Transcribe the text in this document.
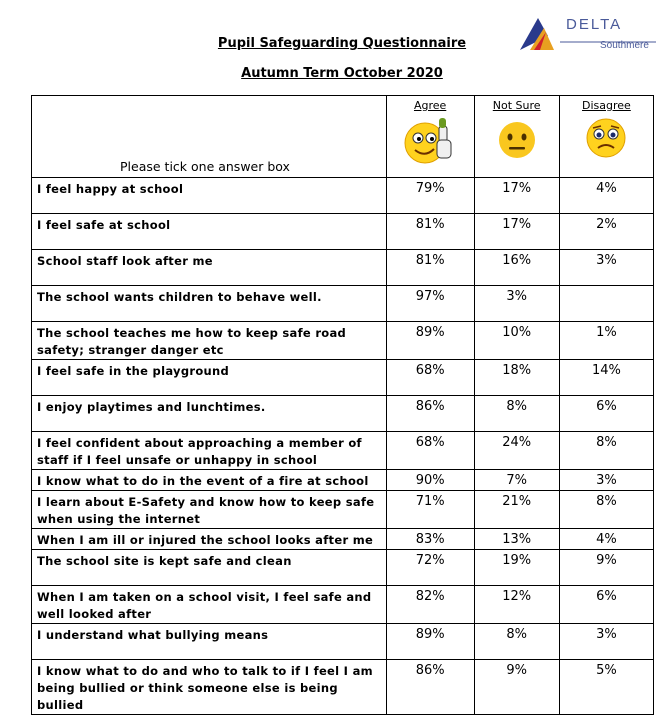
DELTA
Southmere
Pupil Safeguarding Questionnaire
Autumn Term October 2020
Please tick one answer box	Agree	Not Sure	Disagree

I feel happy at school	79%	17%	4%
I feel safe at school	81%	17%	2%
School staff look after me	81%	16%	3%
The school wants children to behave well.	97%	3%	
The school teaches me how to keep safe road safety; stranger danger etc	89%	10%	1%
I feel safe in the playground	68%	18%	14%
I enjoy playtimes and lunchtimes.	86%	8%	6%
I feel confident about approaching a member of staff if I feel unsafe or unhappy in school	68%	24%	8%
I know what to do in the event of a fire at school	90%	7%	3%
I learn about E-Safety and know how to keep safe when using the internet	71%	21%	8%
When I am ill or injured the school looks after me	83%	13%	4%
The school site is kept safe and clean	72%	19%	9%
When I am taken on a school visit, I feel safe and well looked after	82%	12%	6%
I understand what bullying means	89%	8%	3%
I know what to do and who to talk to if I feel I am being bullied or think someone else is being bullied	86%	9%	5%
